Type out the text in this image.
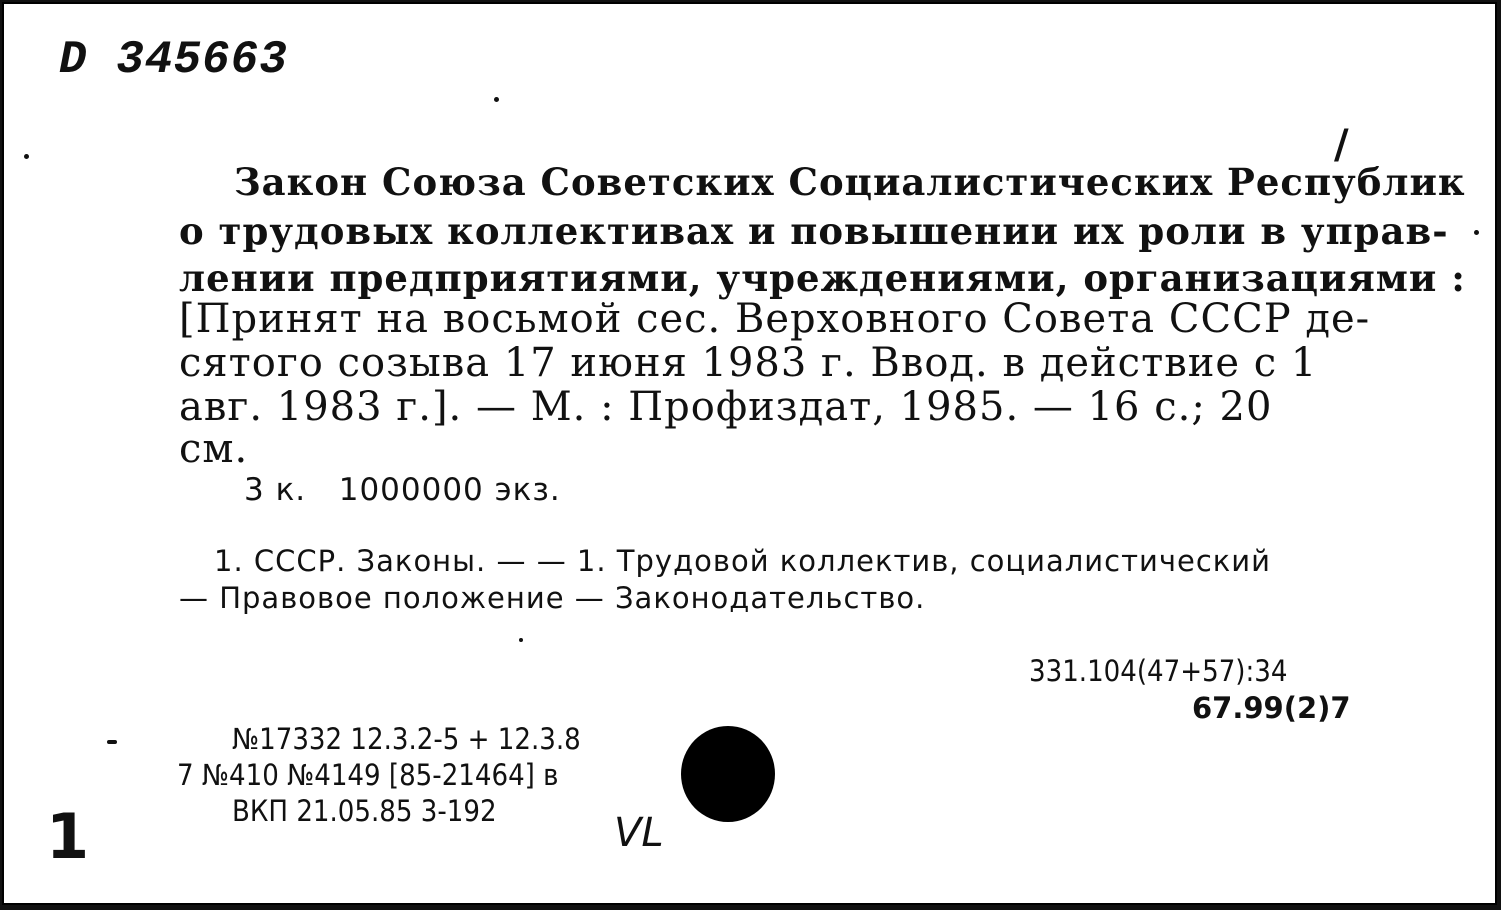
D 345663
/
Закон Союза Советских Социалистических Республик
о трудовых коллективах и повышении их роли в управ-
лении предприятиями, учреждениями, организациями :
[Принят на восьмой сес. Верховного Совета СССР де-
сятого созыва 17 июня 1983 г. Ввод. в действие с 1
авг. 1983 г.]. — М. : Профиздат, 1985. — 16 с.; 20
см.
3 к.   1000000 экз.
1. СССР. Законы. — — 1. Трудовой коллектив, социалистический
— Правовое положение — Законодательство.
331.104(47+57):34
67.99(2)7
№17332 12.3.2-5 + 12.3.8
7 №410 №4149 [85-21464] в
ВКП 21.05.85 3-192	VL
1
